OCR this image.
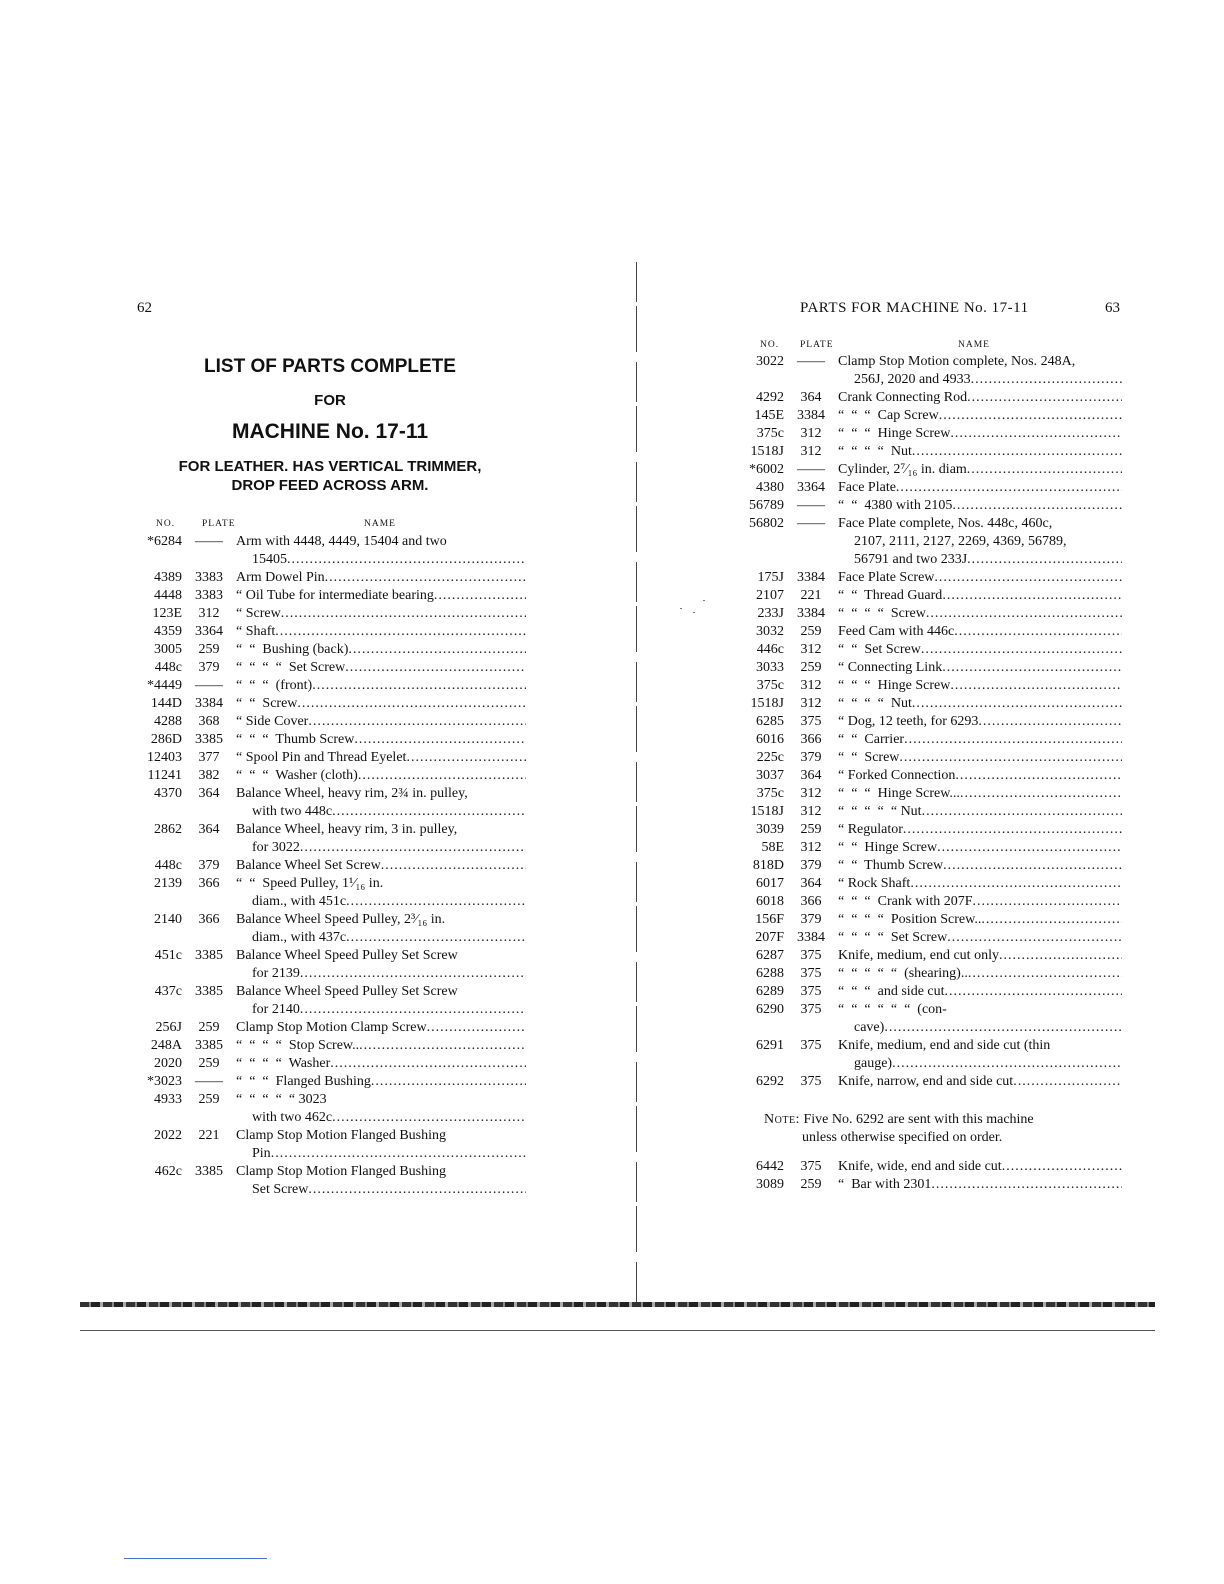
62
LIST OF PARTS COMPLETE
FOR
MACHINE No. 17-11
FOR LEATHER. HAS VERTICAL TRIMMER,
DROP FEED ACROSS ARM.
NO.	PLATE	NAME
*6284 —— Arm with 4448, 4449, 15404 and two
15405
.....
4389 3383 Arm Dowel Pin
.....
4448 3383 “ Oil Tube for intermediate bearing
.....
123E	312	“ Screw
.....
4359 3364 “ Shaft
.....
3005	259	“  “  Bushing (back)
.....
448c	379	“  “  “  “  Set Screw
.....
*4449 —— “  “  “  (front)
.....
144D 3384 “  “  Screw
.....
4288	368	“ Side Cover
.....
286D 3385 “  “  “  Thumb Screw
.....
12403	377	“ Spool Pin and Thread Eyelet
.....
11241	382	“  “  “  Washer (cloth)
.....
4370	364	Balance Wheel, heavy rim, 2¾ in. pulley,
with two 448c
.....
2862	364	Balance Wheel, heavy rim, 3 in. pulley,
for 3022
.....
448c	379	Balance Wheel Set Screw
.....
2139	366	“  “  Speed Pulley, 1¹⁄₁₆ in.
diam., with 451c
.....
2140	366	Balance Wheel Speed Pulley, 2³⁄₁₆ in.
diam., with 437c
.....
451c 3385 Balance Wheel Speed Pulley Set Screw
for 2139
.....
437c 3385 Balance Wheel Speed Pulley Set Screw
for 2140
.....
256J	259	Clamp Stop Motion Clamp Screw
.....
248A 3385 “  “  “  “  Stop Screw..
.....
2020	259	“  “  “  “  Washer
.....
*3023 —— “  “  “  Flanged Bushing
.....
4933	259	“  “  “  “  “ 3023
with two 462c
.....
2022	221	Clamp Stop Motion Flanged Bushing
Pin
.....
462c 3385 Clamp Stop Motion Flanged Bushing
Set Screw
.....
PARTS FOR MACHINE No. 17-11	63
NO. PLATE	NAME
3022 —— Clamp Stop Motion complete, Nos. 248A,
256J, 2020 and 4933
.....
4292	364	Crank Connecting Rod
.....
145E 3384 “  “  “  Cap Screw
.....
375c	312	“  “  “  Hinge Screw
.....
1518J	312	“  “  “  “  Nut
.....
*6002 —— Cylinder, 2⁷⁄₁₆ in. diam
.....
4380 3364 Face Plate
.....
56789 —— “  “  4380 with 2105
.....
56802 —— Face Plate complete, Nos. 448c, 460c,
2107, 2111, 2127, 2269, 4369, 56789,
56791 and two 233J
.....
175J 3384 Face Plate Screw
.....
2107	221	“  “  Thread Guard
.....
233J 3384 “  “  “  “  Screw
.....
3032	259	Feed Cam with 446c
.....
446c	312	“  “  Set Screw
.....
3033	259	“ Connecting Link
.....
375c	312	“  “  “  Hinge Screw
.....
1518J	312	“  “  “  “  Nut
.....
6285	375	“ Dog, 12 teeth, for 6293
.....
6016	366	“  “  Carrier
.....
225c	379	“  “  Screw
.....
3037	364	“ Forked Connection
.....
375c	312	“  “  “  Hinge Screw...
.....
1518J	312	“  “  “  “  “ Nut
.....
3039	259	“ Regulator
.....
58E	312	“  “  Hinge Screw
.....
818D	379	“  “  Thumb Screw
.....
6017	364	“ Rock Shaft
.....
6018	366	“  “  “  Crank with 207F
.....
156F	379	“  “  “  “  Position Screw..
.....
207F 3384 “  “  “  “  Set Screw
.....
6287	375	Knife, medium, end cut only
.....
6288	375	“  “  “  “  “  (shearing)..
.....
6289	375	“  “  “  and side cut
.....
6290	375	“  “  “  “  “  “  (con-
cave)
.....
6291	375	Knife, medium, end and side cut (thin
gauge)
.....
6292	375	Knife, narrow, end and side cut
.....
Note: Five No. 6292 are sent with this machine
unless otherwise specified on order.
6442	375	Knife, wide, end and side cut
.....
3089	259	“  Bar with 2301
.....
